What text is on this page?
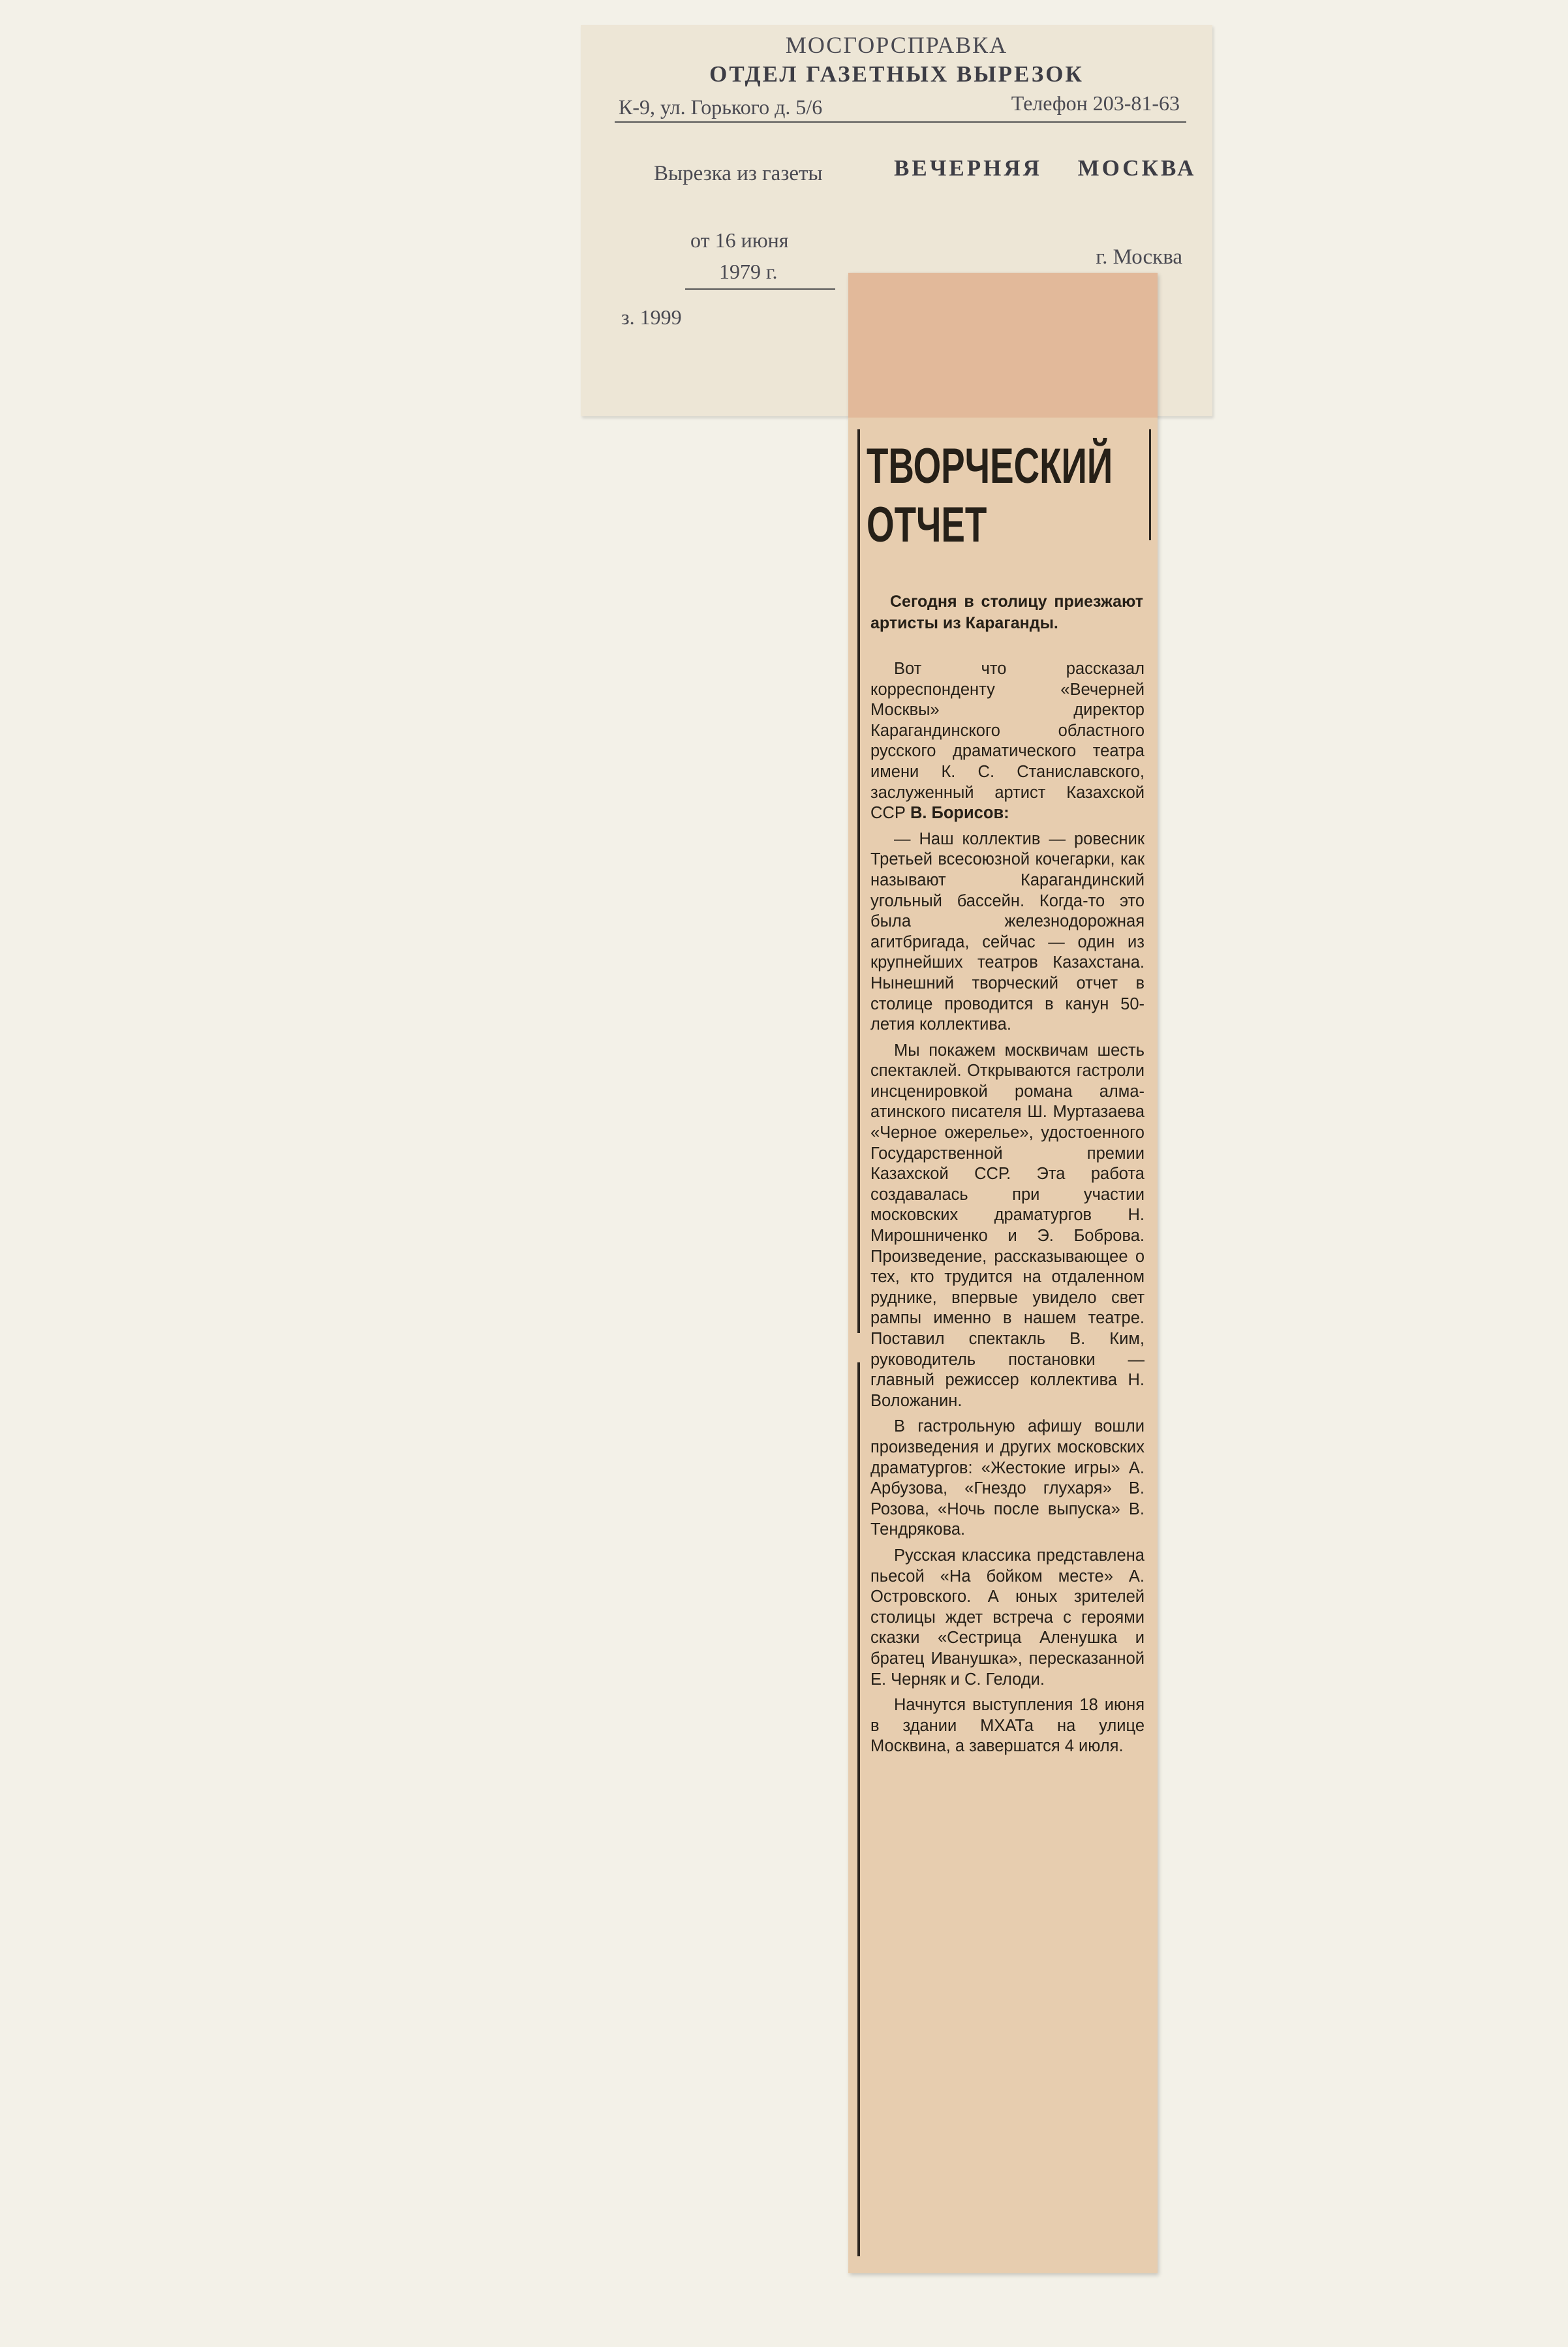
МОСГОРСПРАВКА
ОТДЕЛ ГАЗЕТНЫХ ВЫРЕЗОК
К-9, ул. Горького д. 5/6	Телефон 203-81-63
Вырезка из газеты	ВЕЧЕРНЯЯ МОСКВА
от 16 июня
1979 г.
г. Москва
з. 1999
ТВОРЧЕСКИЙ ОТЧЕТ
Сегодня в столицу приезжают артисты из Караганды.

Вот что рассказал корреспонденту «Вечерней Москвы» директор Карагандинского областного русского драматического театра имени К. С. Станиславского, заслуженный артист Казахской ССР В. Борисов:

— Наш коллектив — ровесник Третьей всесоюзной кочегарки, как называют Карагандинский угольный бассейн. Когда-то это была железнодорожная агитбригада, сейчас — один из крупнейших театров Казахстана. Нынешний творческий отчет в столице проводится в канун 50-летия коллектива.

Мы покажем москвичам шесть спектаклей. Открываются гастроли инсценировкой романа алма-атинского писателя Ш. Муртазаева «Черное ожерелье», удостоенного Государственной премии Казахской ССР. Эта работа создавалась при участии московских драматургов Н. Мирошниченко и Э. Боброва. Произведение, рассказывающее о тех, кто трудится на отдаленном руднике, впервые увидело свет рампы именно в нашем театре. Поставил спектакль В. Ким, руководитель постановки — главный режиссер коллектива Н. Воложанин.

В гастрольную афишу вошли произведения и других московских драматургов: «Жестокие игры» А. Арбузова, «Гнездо глухаря» В. Розова, «Ночь после выпуска» В. Тендрякова.

Русская классика представлена пьесой «На бойком месте» А. Островского. А юных зрителей столицы ждет встреча с героями сказки «Сестрица Аленушка и братец Иванушка», пересказанной Е. Черняк и С. Гелоди.

Начнутся выступления 18 июня в здании МХАТа на улице Москвина, а завершатся 4 июля.
